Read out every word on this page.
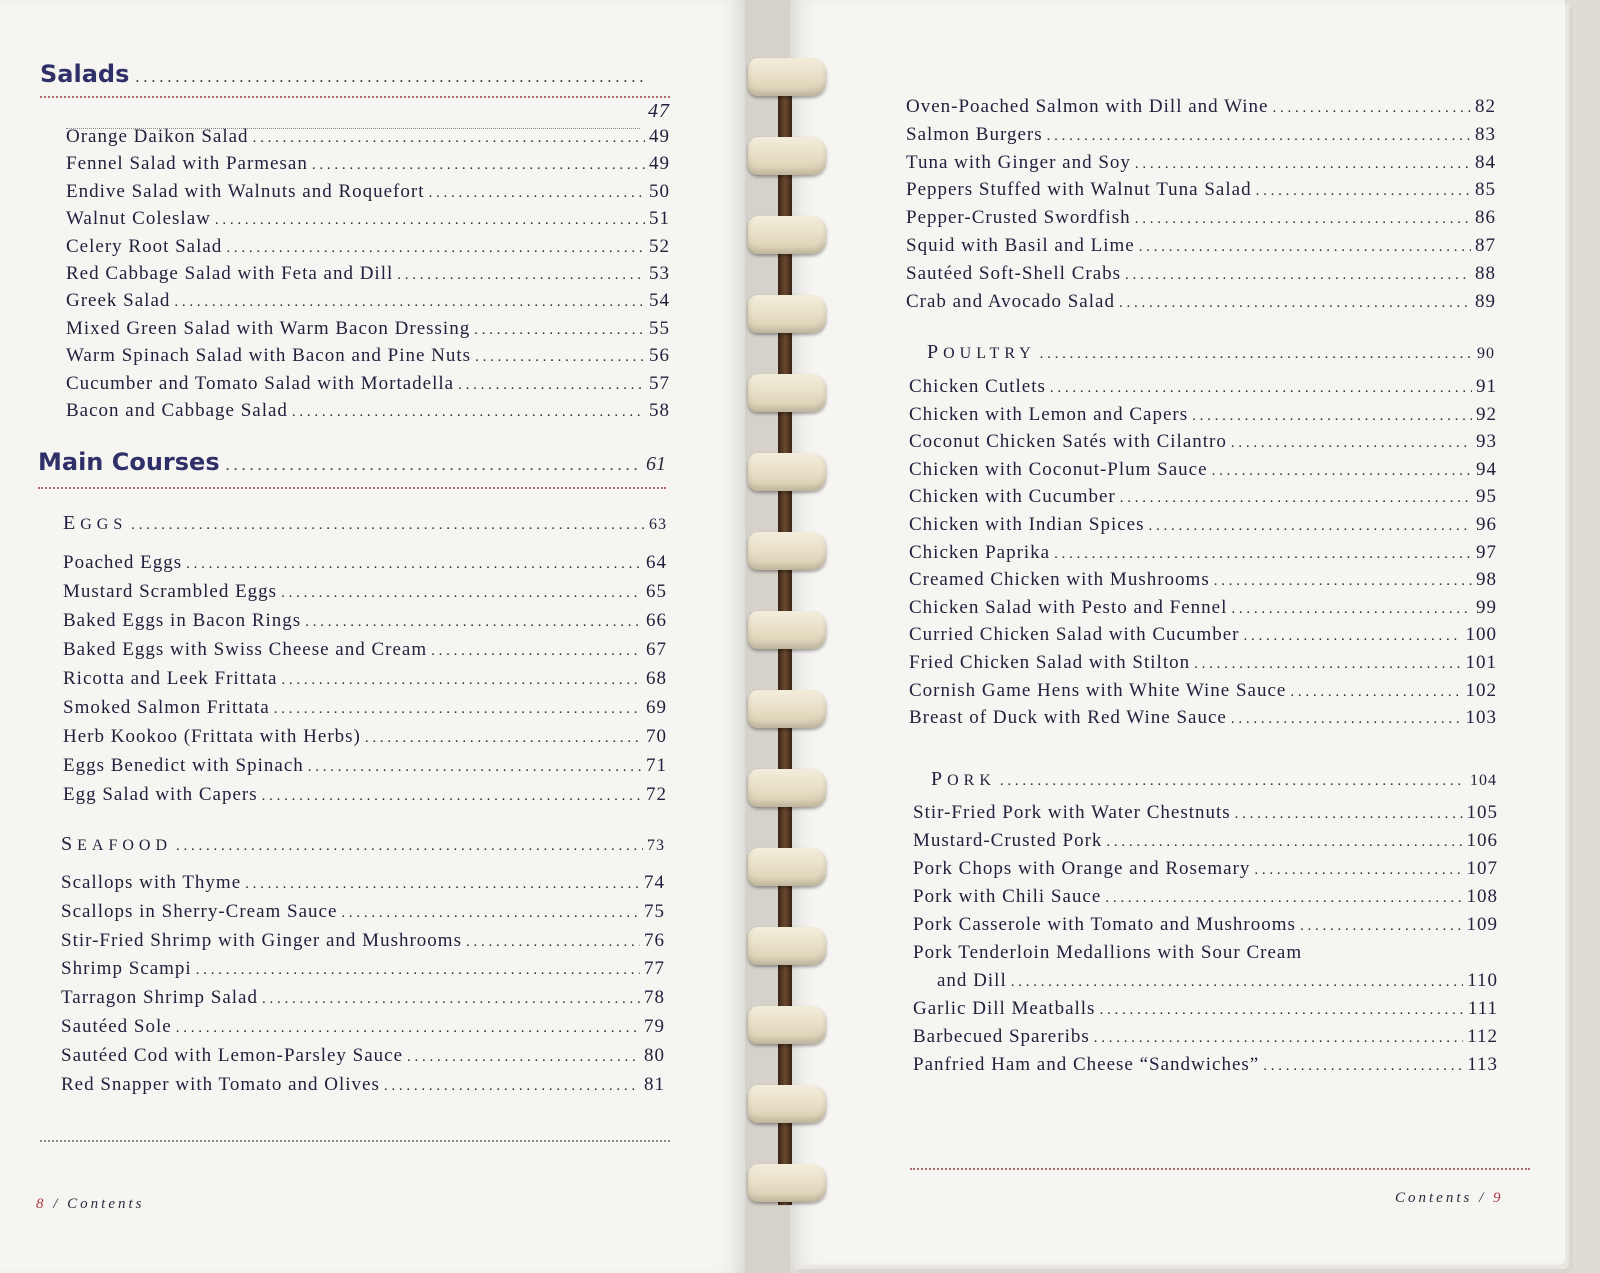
Salads
. . .
47
Orange Daikon Salad . . .	49
Fennel Salad with Parmesan . . .	49
Endive Salad with Walnuts and Roquefort . . .	50
Walnut Coleslaw . . .	51
Celery Root Salad . . .	52
Red Cabbage Salad with Feta and Dill . . .	53
Greek Salad . . .	54
Mixed Green Salad with Warm Bacon Dressing . . .	55
Warm Spinach Salad with Bacon and Pine Nuts . . .	56
Cucumber and Tomato Salad with Mortadella . . .	57
Bacon and Cabbage Salad . . .	58
Main Courses . . .	61
EGGS . . .	63
Poached Eggs . . .	64
Mustard Scrambled Eggs . . .	65
Baked Eggs in Bacon Rings . . .	66
Baked Eggs with Swiss Cheese and Cream . . .	67
Ricotta and Leek Frittata . . .	68
Smoked Salmon Frittata . . .	69
Herb Kookoo (Frittata with Herbs) . . .	70
Eggs Benedict with Spinach . . .	71
Egg Salad with Capers . . .	72
SEAFOOD . . .	73
Scallops with Thyme . . .	74
Scallops in Sherry-Cream Sauce . . .	75
Stir-Fried Shrimp with Ginger and Mushrooms . . .	76
Shrimp Scampi . . .	77
Tarragon Shrimp Salad . . .	78
Sautéed Sole . . .	79
Sautéed Cod with Lemon-Parsley Sauce . . .	80
Red Snapper with Tomato and Olives . . .	81
8 / Contents
Oven-Poached Salmon with Dill and Wine . . .	82
Salmon Burgers . . .	83
Tuna with Ginger and Soy . . .	84
Peppers Stuffed with Walnut Tuna Salad . . .	85
Pepper-Crusted Swordfish . . .	86
Squid with Basil and Lime . . .	87
Sautéed Soft-Shell Crabs . . .	88
Crab and Avocado Salad . . .	89
POULTRY . . .	90
Chicken Cutlets . . .	91
Chicken with Lemon and Capers . . .	92
Coconut Chicken Satés with Cilantro . . .	93
Chicken with Coconut-Plum Sauce . . .	94
Chicken with Cucumber . . .	95
Chicken with Indian Spices . . .	96
Chicken Paprika . . .	97
Creamed Chicken with Mushrooms . . .	98
Chicken Salad with Pesto and Fennel . . .	99
Curried Chicken Salad with Cucumber . . .	100
Fried Chicken Salad with Stilton . . .	101
Cornish Game Hens with White Wine Sauce . . .	102
Breast of Duck with Red Wine Sauce . . .	103
PORK . . .	104
Stir-Fried Pork with Water Chestnuts . . .	105
Mustard-Crusted Pork . . .	106
Pork Chops with Orange and Rosemary . . .	107
Pork with Chili Sauce . . .	108
Pork Casserole with Tomato and Mushrooms . . .	109
Pork Tenderloin Medallions with Sour Cream
and Dill . . .	110
Garlic Dill Meatballs . . .	111
Barbecued Spareribs . . .	112
Panfried Ham and Cheese “Sandwiches” . . .	113
Contents / 9
